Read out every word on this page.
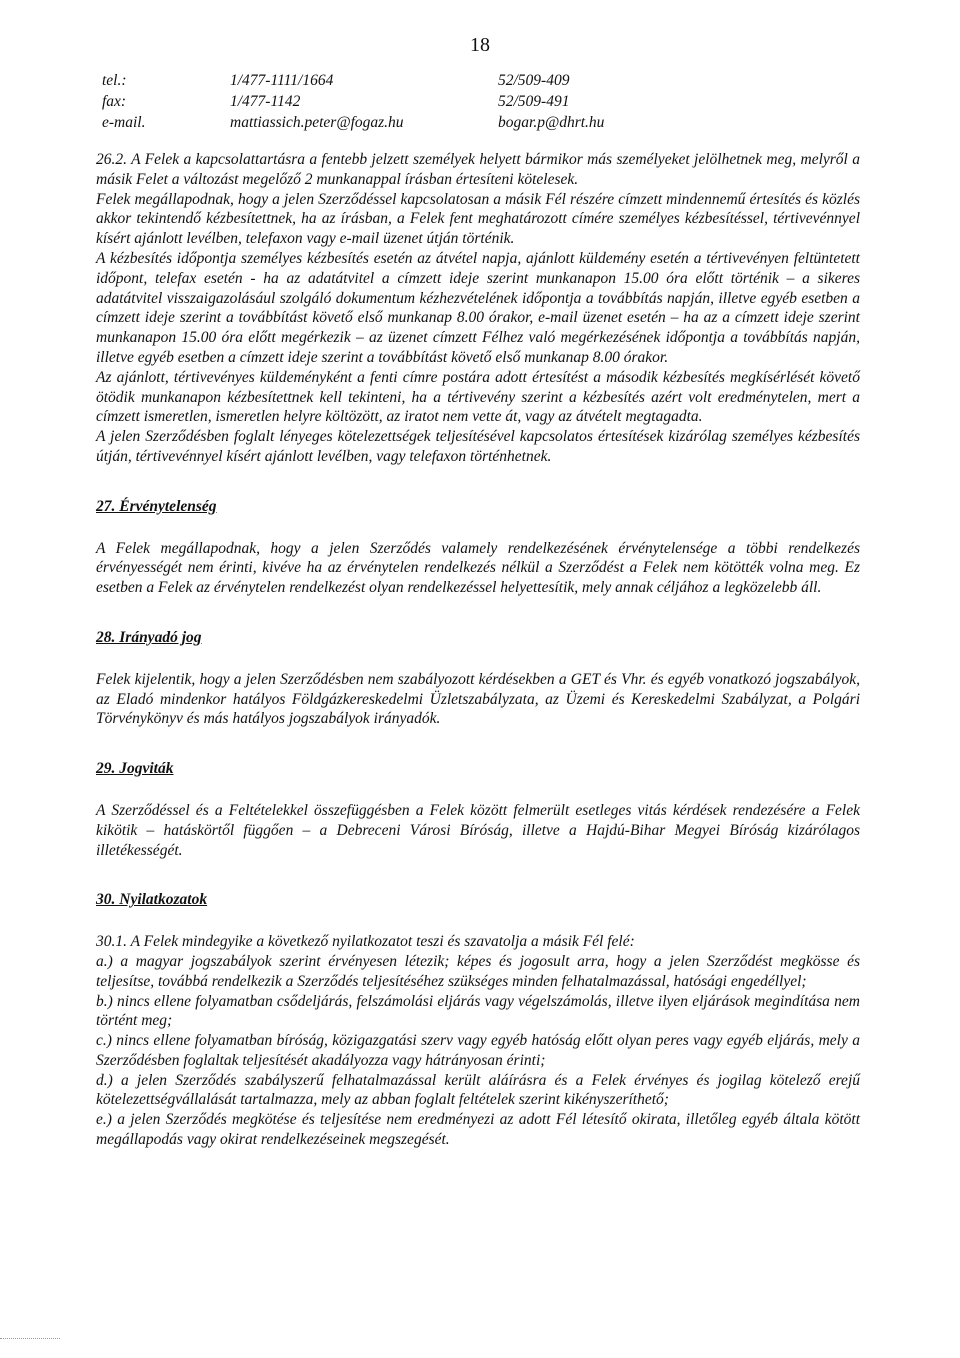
18
tel.:	1/477-1111/1664	52/509-409
fax:	1/477-1142	52/509-491
e-mail.	mattiassich.peter@fogaz.hu	bogar.p@dhrt.hu

26.2. A Felek a kapcsolattartásra a fentebb jelzett személyek helyett bármikor más személyeket jelölhetnek meg, melyről a másik Felet a változást megelőző 2 munkanappal írásban értesíteni kötelesek.

Felek megállapodnak, hogy a jelen Szerződéssel kapcsolatosan a másik Fél részére címzett mindennemű értesítés és közlés akkor tekintendő kézbesítettnek, ha az írásban, a Felek fent meghatározott címére személyes kézbesítéssel, tértivevénnyel kísért ajánlott levélben, telefaxon vagy e-mail üzenet útján történik.

A kézbesítés időpontja személyes kézbesítés esetén az átvétel napja, ajánlott küldemény esetén a tértivevényen feltüntetett időpont, telefax esetén - ha az adatátvitel a címzett ideje szerint munkanapon 15.00 óra előtt történik – a sikeres adatátvitel visszaigazolásául szolgáló dokumentum kézhezvételének időpontja a továbbítás napján, illetve egyéb esetben a címzett ideje szerint a továbbítást követő első munkanap 8.00 órakor, e-mail üzenet esetén – ha az a címzett ideje szerint munkanapon 15.00 óra előtt megérkezik – az üzenet címzett Félhez való megérkezésének időpontja a továbbítás napján, illetve egyéb esetben a címzett ideje szerint a továbbítást követő első munkanap 8.00 órakor.

Az ajánlott, tértivevényes küldeményként a fenti címre postára adott értesítést a második kézbesítés megkísérlését követő ötödik munkanapon kézbesítettnek kell tekinteni, ha a tértivevény szerint a kézbesítés azért volt eredménytelen, mert a címzett ismeretlen, ismeretlen helyre költözött, az iratot nem vette át, vagy az átvételt megtagadta.

A jelen Szerződésben foglalt lényeges kötelezettségek teljesítésével kapcsolatos értesítések kizárólag személyes kézbesítés útján, tértivevénnyel kísért ajánlott levélben, vagy telefaxon történhetnek.

27. Érvénytelenség

A Felek megállapodnak, hogy a jelen Szerződés valamely rendelkezésének érvénytelensége a többi rendelkezés érvényességét nem érinti, kivéve ha az érvénytelen rendelkezés nélkül a Szerződést a Felek nem kötötték volna meg. Ez esetben a Felek az érvénytelen rendelkezést olyan rendelkezéssel helyettesítik, mely annak céljához a legközelebb áll.

28. Irányadó jog

Felek kijelentik, hogy a jelen Szerződésben nem szabályozott kérdésekben a GET és Vhr. és egyéb vonatkozó jogszabályok, az Eladó mindenkor hatályos Földgázkereskedelmi Üzletszabályzata, az Üzemi és Kereskedelmi Szabályzat, a Polgári Törvénykönyv és más hatályos jogszabályok irányadók.

29. Jogviták

A Szerződéssel és a Feltételekkel összefüggésben a Felek között felmerült esetleges vitás kérdések rendezésére a Felek kikötik – hatáskörtől függően – a Debreceni Városi Bíróság, illetve a Hajdú-Bihar Megyei Bíróság kizárólagos illetékességét.

30. Nyilatkozatok

30.1. A Felek mindegyike a következő nyilatkozatot teszi és szavatolja a másik Fél felé:

a.) a magyar jogszabályok szerint érvényesen létezik; képes és jogosult arra, hogy a jelen Szerződést megkösse és teljesítse, továbbá rendelkezik a Szerződés teljesítéséhez szükséges minden felhatalmazással, hatósági engedéllyel;

b.) nincs ellene folyamatban csődeljárás, felszámolási eljárás vagy végelszámolás, illetve ilyen eljárások megindítása nem történt meg;

c.) nincs ellene folyamatban bíróság, közigazgatási szerv vagy egyéb hatóság előtt olyan peres vagy egyéb eljárás, mely a Szerződésben foglaltak teljesítését akadályozza vagy hátrányosan érinti;

d.) a jelen Szerződés szabályszerű felhatalmazással került aláírásra és a Felek érvényes és jogilag kötelező erejű kötelezettségvállalását tartalmazza, mely az abban foglalt feltételek szerint kikényszeríthető;

e.) a jelen Szerződés megkötése és teljesítése nem eredményezi az adott Fél létesítő okirata, illetőleg egyéb általa kötött megállapodás vagy okirat rendelkezéseinek megszegését.
